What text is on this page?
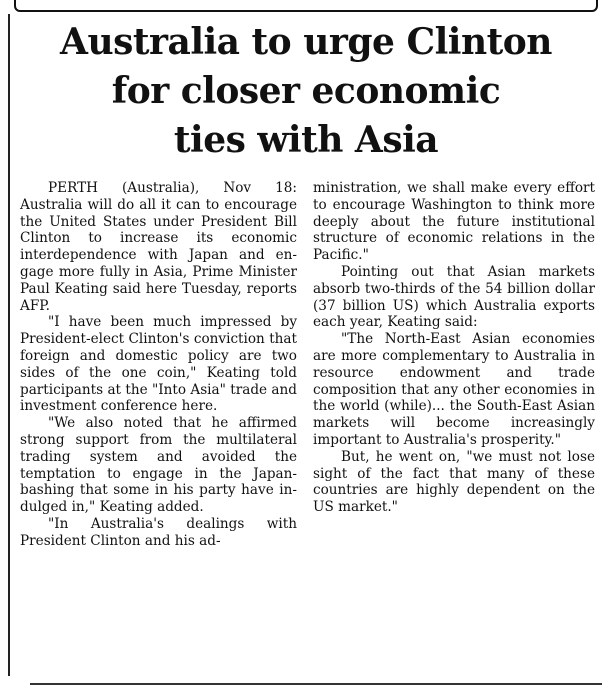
Australia to urge Clinton
for closer economic
ties with Asia

PERTH (Australia), Nov 18: Australia will do all it can to encourage the United States under President Bill Clinton to increase its economic interdependence with Japan and engage more fully in Asia, Prime Minister Paul Keating said here Tuesday, reports AFP.

"I have been much impressed by President-elect Clinton's conviction that foreign and domestic policy are two sides of the one coin," Keating told participants at the "Into Asia" trade and investment conference here.

"We also noted that he affirmed strong support from the multilateral trading system and avoided the temptation to engage in the Japan-bashing that some in his party have indulged in," Keating added.

"In Australia's dealings with President Clinton and his ad-

ministration, we shall make every effort to encourage Washington to think more deeply about the future institutional structure of economic relations in the Pacific."

Pointing out that Asian markets absorb two-thirds of the 54 billion dollar (37 billion US) which Australia exports each year, Keating said:

"The North-East Asian economies are more complementary to Australia in resource endowment and trade composition that any other economies in the world (while)... the South-East Asian markets will become increasingly important to Australia's prosperity."

But, he went on, "we must not lose sight of the fact that many of these countries are highly dependent on the US market."
